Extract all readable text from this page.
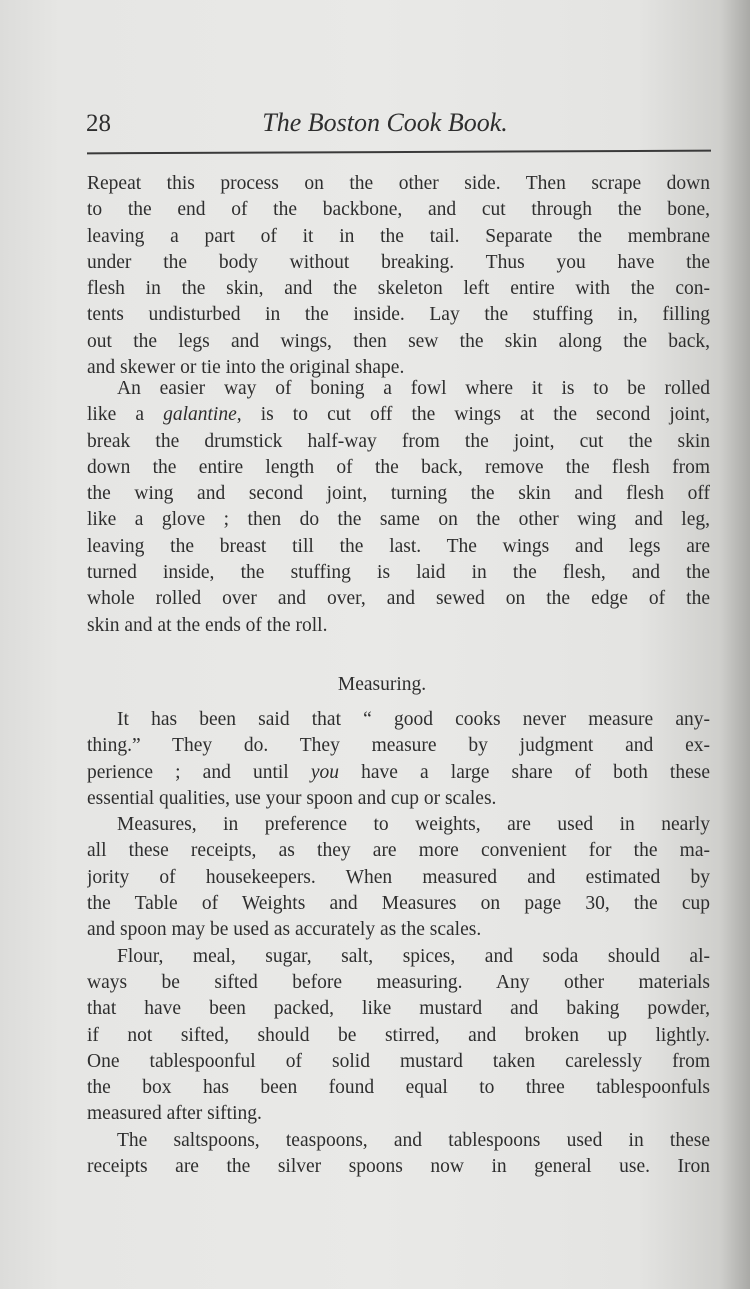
28	The Boston Cook Book.
Repeat this process on the other side. Then scrape down
to the end of the backbone, and cut through the bone,
leaving a part of it in the tail. Separate the membrane
under the body without breaking. Thus you have the
flesh in the skin, and the skeleton left entire with the con-
tents undisturbed in the inside. Lay the stuffing in, filling
out the legs and wings, then sew the skin along the back,
and skewer or tie into the original shape.
An easier way of boning a fowl where it is to be rolled
like a galantine, is to cut off the wings at the second joint,
break the drumstick half-way from the joint, cut the skin
down the entire length of the back, remove the flesh from
the wing and second joint, turning the skin and flesh off
like a glove ; then do the same on the other wing and leg,
leaving the breast till the last. The wings and legs are
turned inside, the stuffing is laid in the flesh, and the
whole rolled over and over, and sewed on the edge of the
skin and at the ends of the roll.
Measuring.
It has been said that “ good cooks never measure any-
thing.” They do. They measure by judgment and ex-
perience ; and until you have a large share of both these
essential qualities, use your spoon and cup or scales.
Measures, in preference to weights, are used in nearly
all these receipts, as they are more convenient for the ma-
jority of housekeepers. When measured and estimated by
the Table of Weights and Measures on page 30, the cup
and spoon may be used as accurately as the scales.
Flour, meal, sugar, salt, spices, and soda should al-
ways be sifted before measuring. Any other materials
that have been packed, like mustard and baking powder,
if not sifted, should be stirred, and broken up lightly.
One tablespoonful of solid mustard taken carelessly from
the box has been found equal to three tablespoonfuls
measured after sifting.
The saltspoons, teaspoons, and tablespoons used in these
receipts are the silver spoons now in general use. Iron
